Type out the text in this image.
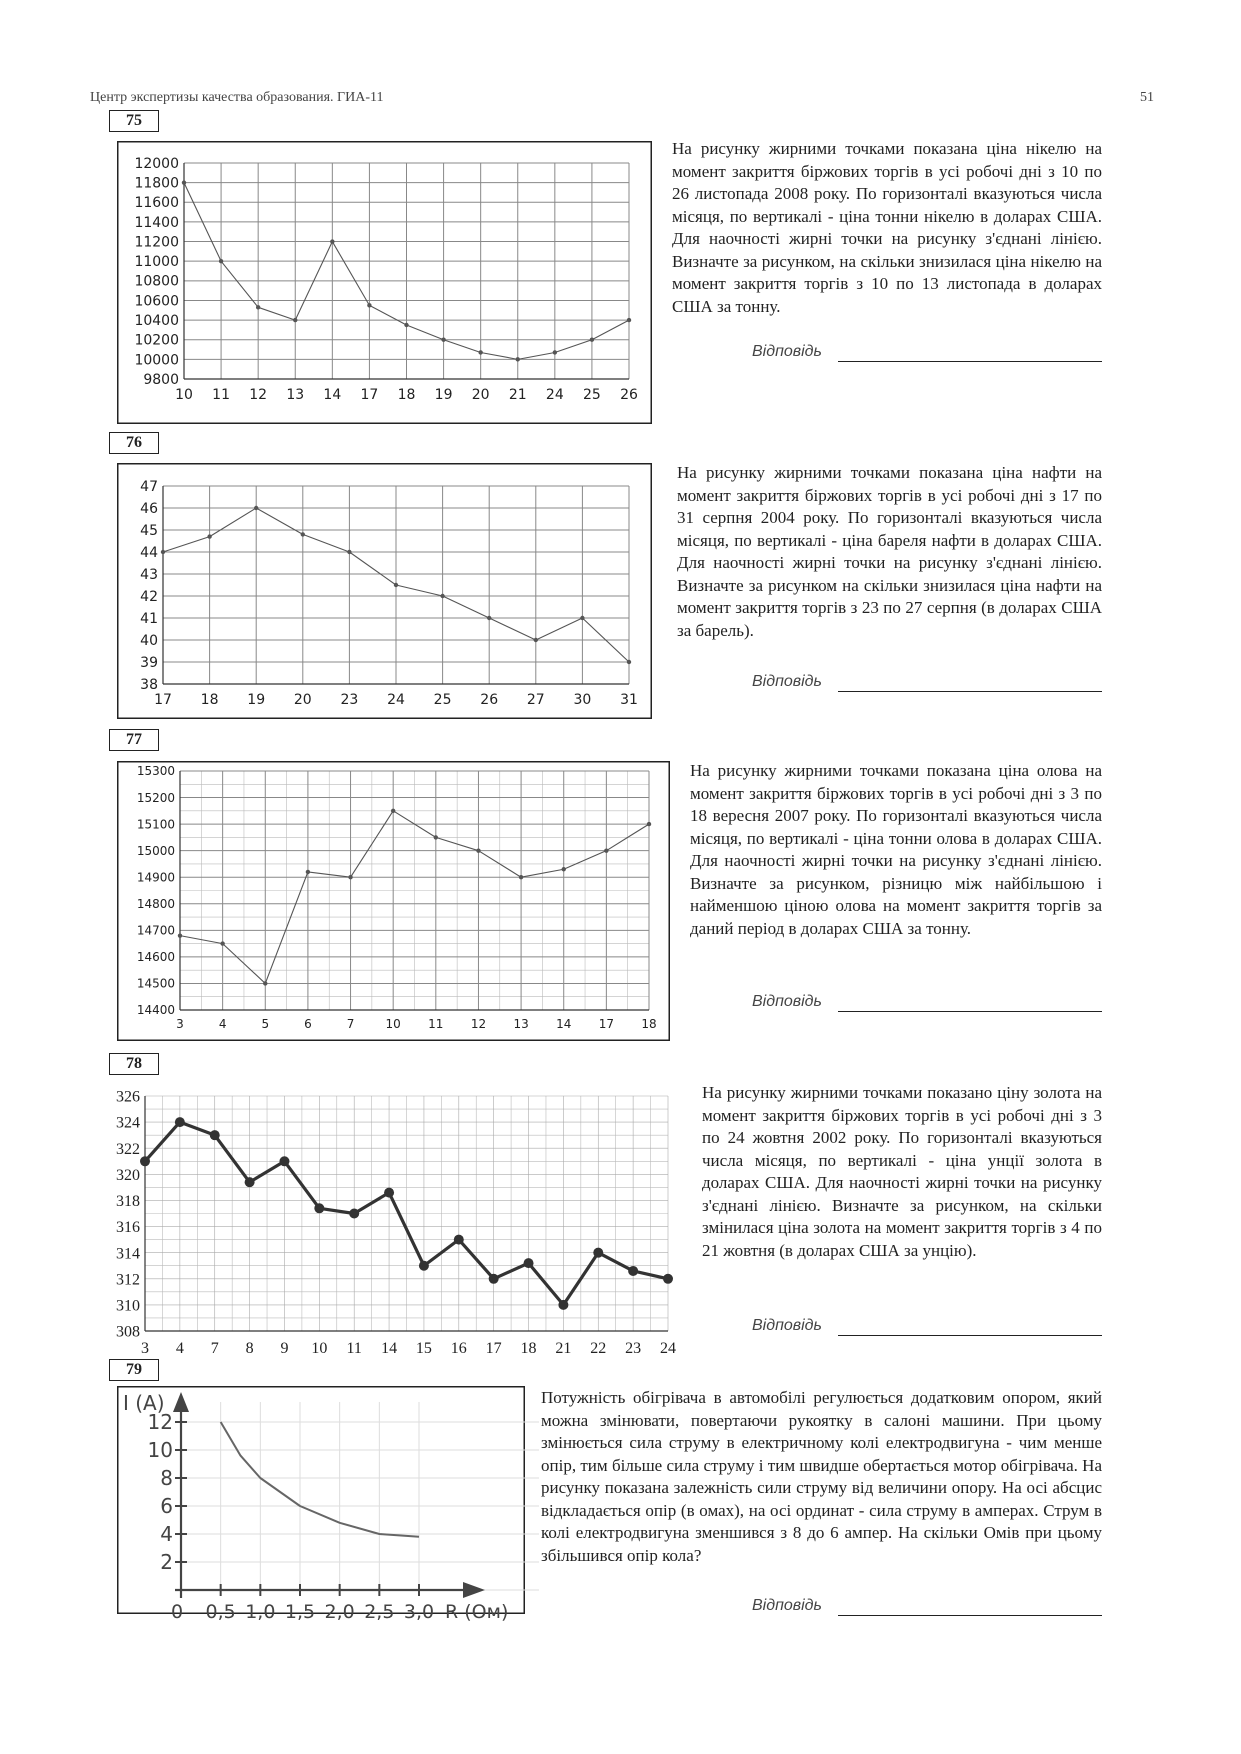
Центр экспертизы качества образования. ГИА-11	51
75
9800
10000
10200
10400
10600
10800
11000
11200
11400
11600
11800
12000
10 11 12 13 14 17 18 19 20 21 24 25 26
На рисунку жирними точками показана ціна нікелю на момент закриття біржових торгів в усі робочі дні з 10 по 26 листопада 2008 року. По горизонталі вказуються числа місяця, по вертикалі - ціна тонни нікелю в доларах США. Для наочності жирні точки на рисунку з'єднані лінією. Визначте за рисунком, на скільки знизилася ціна нікелю на момент закриття торгів з 10 по 13 листопада в доларах США за тонну.
Відповідь
76
38
39
40
41
42
43
44
45
46
47
17 18 19 20 23 24 25 26 27 30 31
На рисунку жирними точками показана ціна нафти на момент закриття біржових торгів в усі робочі дні з 17 по 31 серпня 2004 року. По горизонталі вказуються числа місяця, по вертикалі - ціна бареля нафти в доларах США. Для наочності жирні точки на рисунку з'єднані лінією. Визначте за рисунком на скільки знизилася ціна нафти на момент закриття торгів з 23 по 27 серпня (в доларах США за барель).
Відповідь
77
14400
14500
14600
14700
14800
14900
15000
15100
15200
15300
3	4	5	6	7	10 11 12 13 14 17 18
На рисунку жирними точками показана ціна олова на момент закриття біржових торгів в усі робочі дні з 3 по 18 вересня 2007 року. По горизонталі вказуються числа місяця, по вертикалі - ціна тонни олова в доларах США. Для наочності жирні точки на рисунку з'єднані лінією. Визначте за рисунком, різницю між найбільшою і найменшою ціною олова на момент закриття торгів за даний період в доларах США за тонну.
Відповідь
78
308
310
312
314
316
318
320
322
324
326
3 4 7 8 9 10 11 14 15 16 17 18 21 22 23 24
На рисунку жирними точками показано ціну золота на момент закриття біржових торгів в усі робочі дні з 3 по 24 жовтня 2002 року. По горизонталі вказуються числа місяця, по вертикалі - ціна унції золота в доларах США. Для наочності жирні точки на рисунку з'єднані лінією. Визначте за рисунком, на скільки змінилася ціна золота на момент закриття торгів з 4 по 21 жовтня (в доларах США за унцію).
Відповідь
79
2
4
6
8
10
12
0 0,5 1,0 1,5 2,0 2,5 3,0
I (A)
R (Ом)
Потужність обігрівача в автомобілі регулюється додатковим опором, який можна змінювати, повертаючи рукоятку в салоні машини. При цьому змінюється сила струму в електричному колі електродвигуна - чим менше опір, тим більше сила струму і тим швидше обертається мотор обігрівача. На рисунку показана залежність сили струму від величини опору. На осі абсцис відкладається опір (в омах), на осі ординат - сила струму в амперах. Струм в колі електродвигуна зменшився з 8 до 6 ампер. На скільки Омів при цьому збільшився опір кола?
Відповідь
